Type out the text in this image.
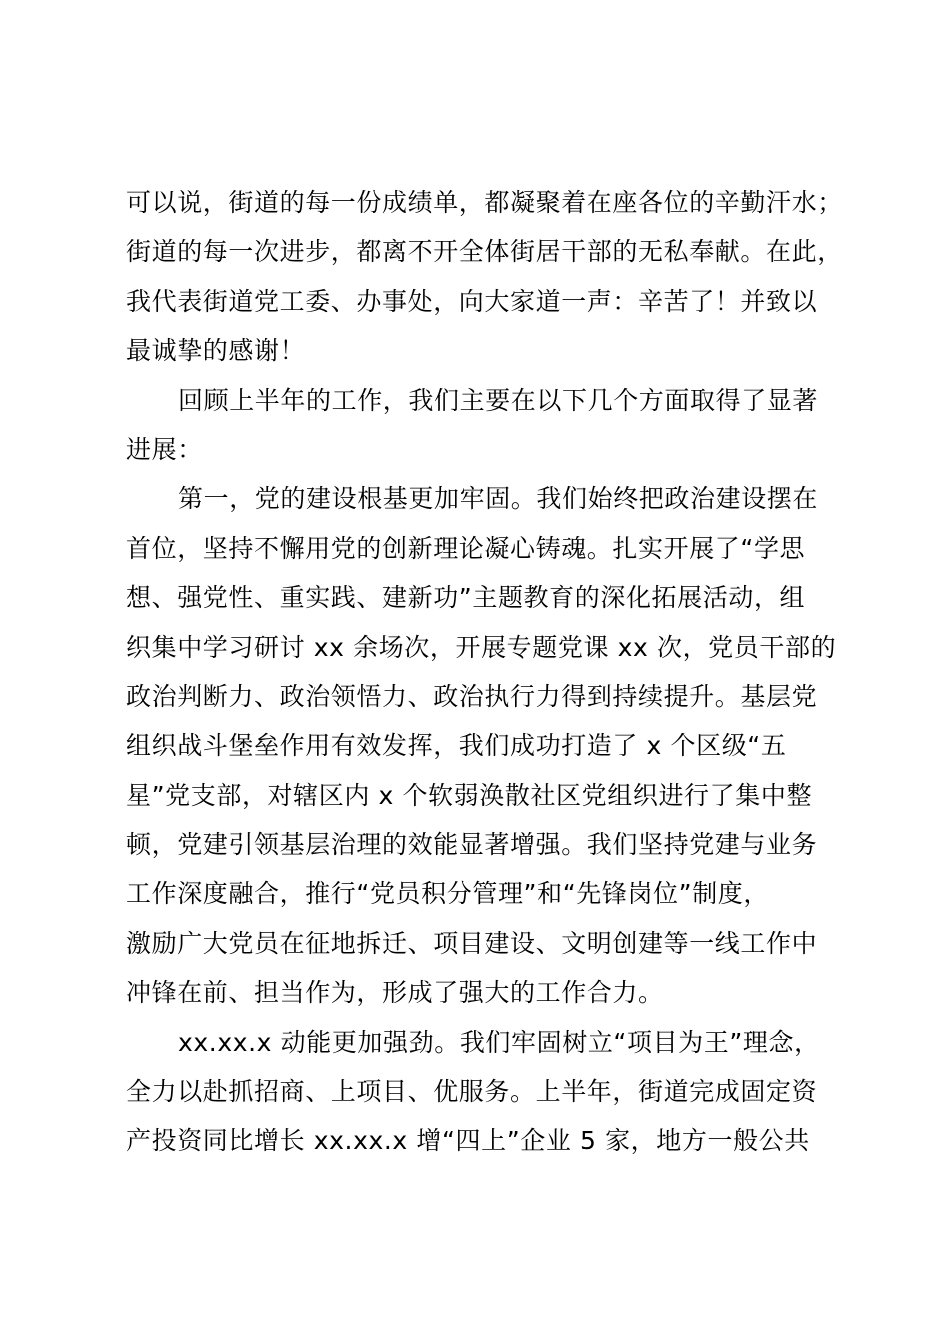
可以说，街道的每一份成绩单，都凝聚着在座各位的辛勤汗水；
街道的每一次进步，都离不开全体街居干部的无私奉献。在此，
我代表街道党工委、办事处，向大家道一声：辛苦了！并致以
最诚挚的感谢！
回顾上半年的工作，我们主要在以下几个方面取得了显著
进展：
第一，党的建设根基更加牢固。我们始终把政治建设摆在
首位，坚持不懈用党的创新理论凝心铸魂。扎实开展了“学思
想、强党性、重实践、建新功”主题教育的深化拓展活动，组
织集中学习研讨 xx 余场次，开展专题党课 xx 次，党员干部的
政治判断力、政治领悟力、政治执行力得到持续提升。基层党
组织战斗堡垒作用有效发挥，我们成功打造了 x 个区级“五
星”党支部，对辖区内 x 个软弱涣散社区党组织进行了集中整
顿，党建引领基层治理的效能显著增强。我们坚持党建与业务
工作深度融合，推行“党员积分管理”和“先锋岗位”制度，
激励广大党员在征地拆迁、项目建设、文明创建等一线工作中
冲锋在前、担当作为，形成了强大的工作合力。
xx.xx.x 动能更加强劲。我们牢固树立“项目为王”理念，
全力以赴抓招商、上项目、优服务。上半年，街道完成固定资
产投资同比增长 xx.xx.x 增“四上”企业 5 家，地方一般公共
